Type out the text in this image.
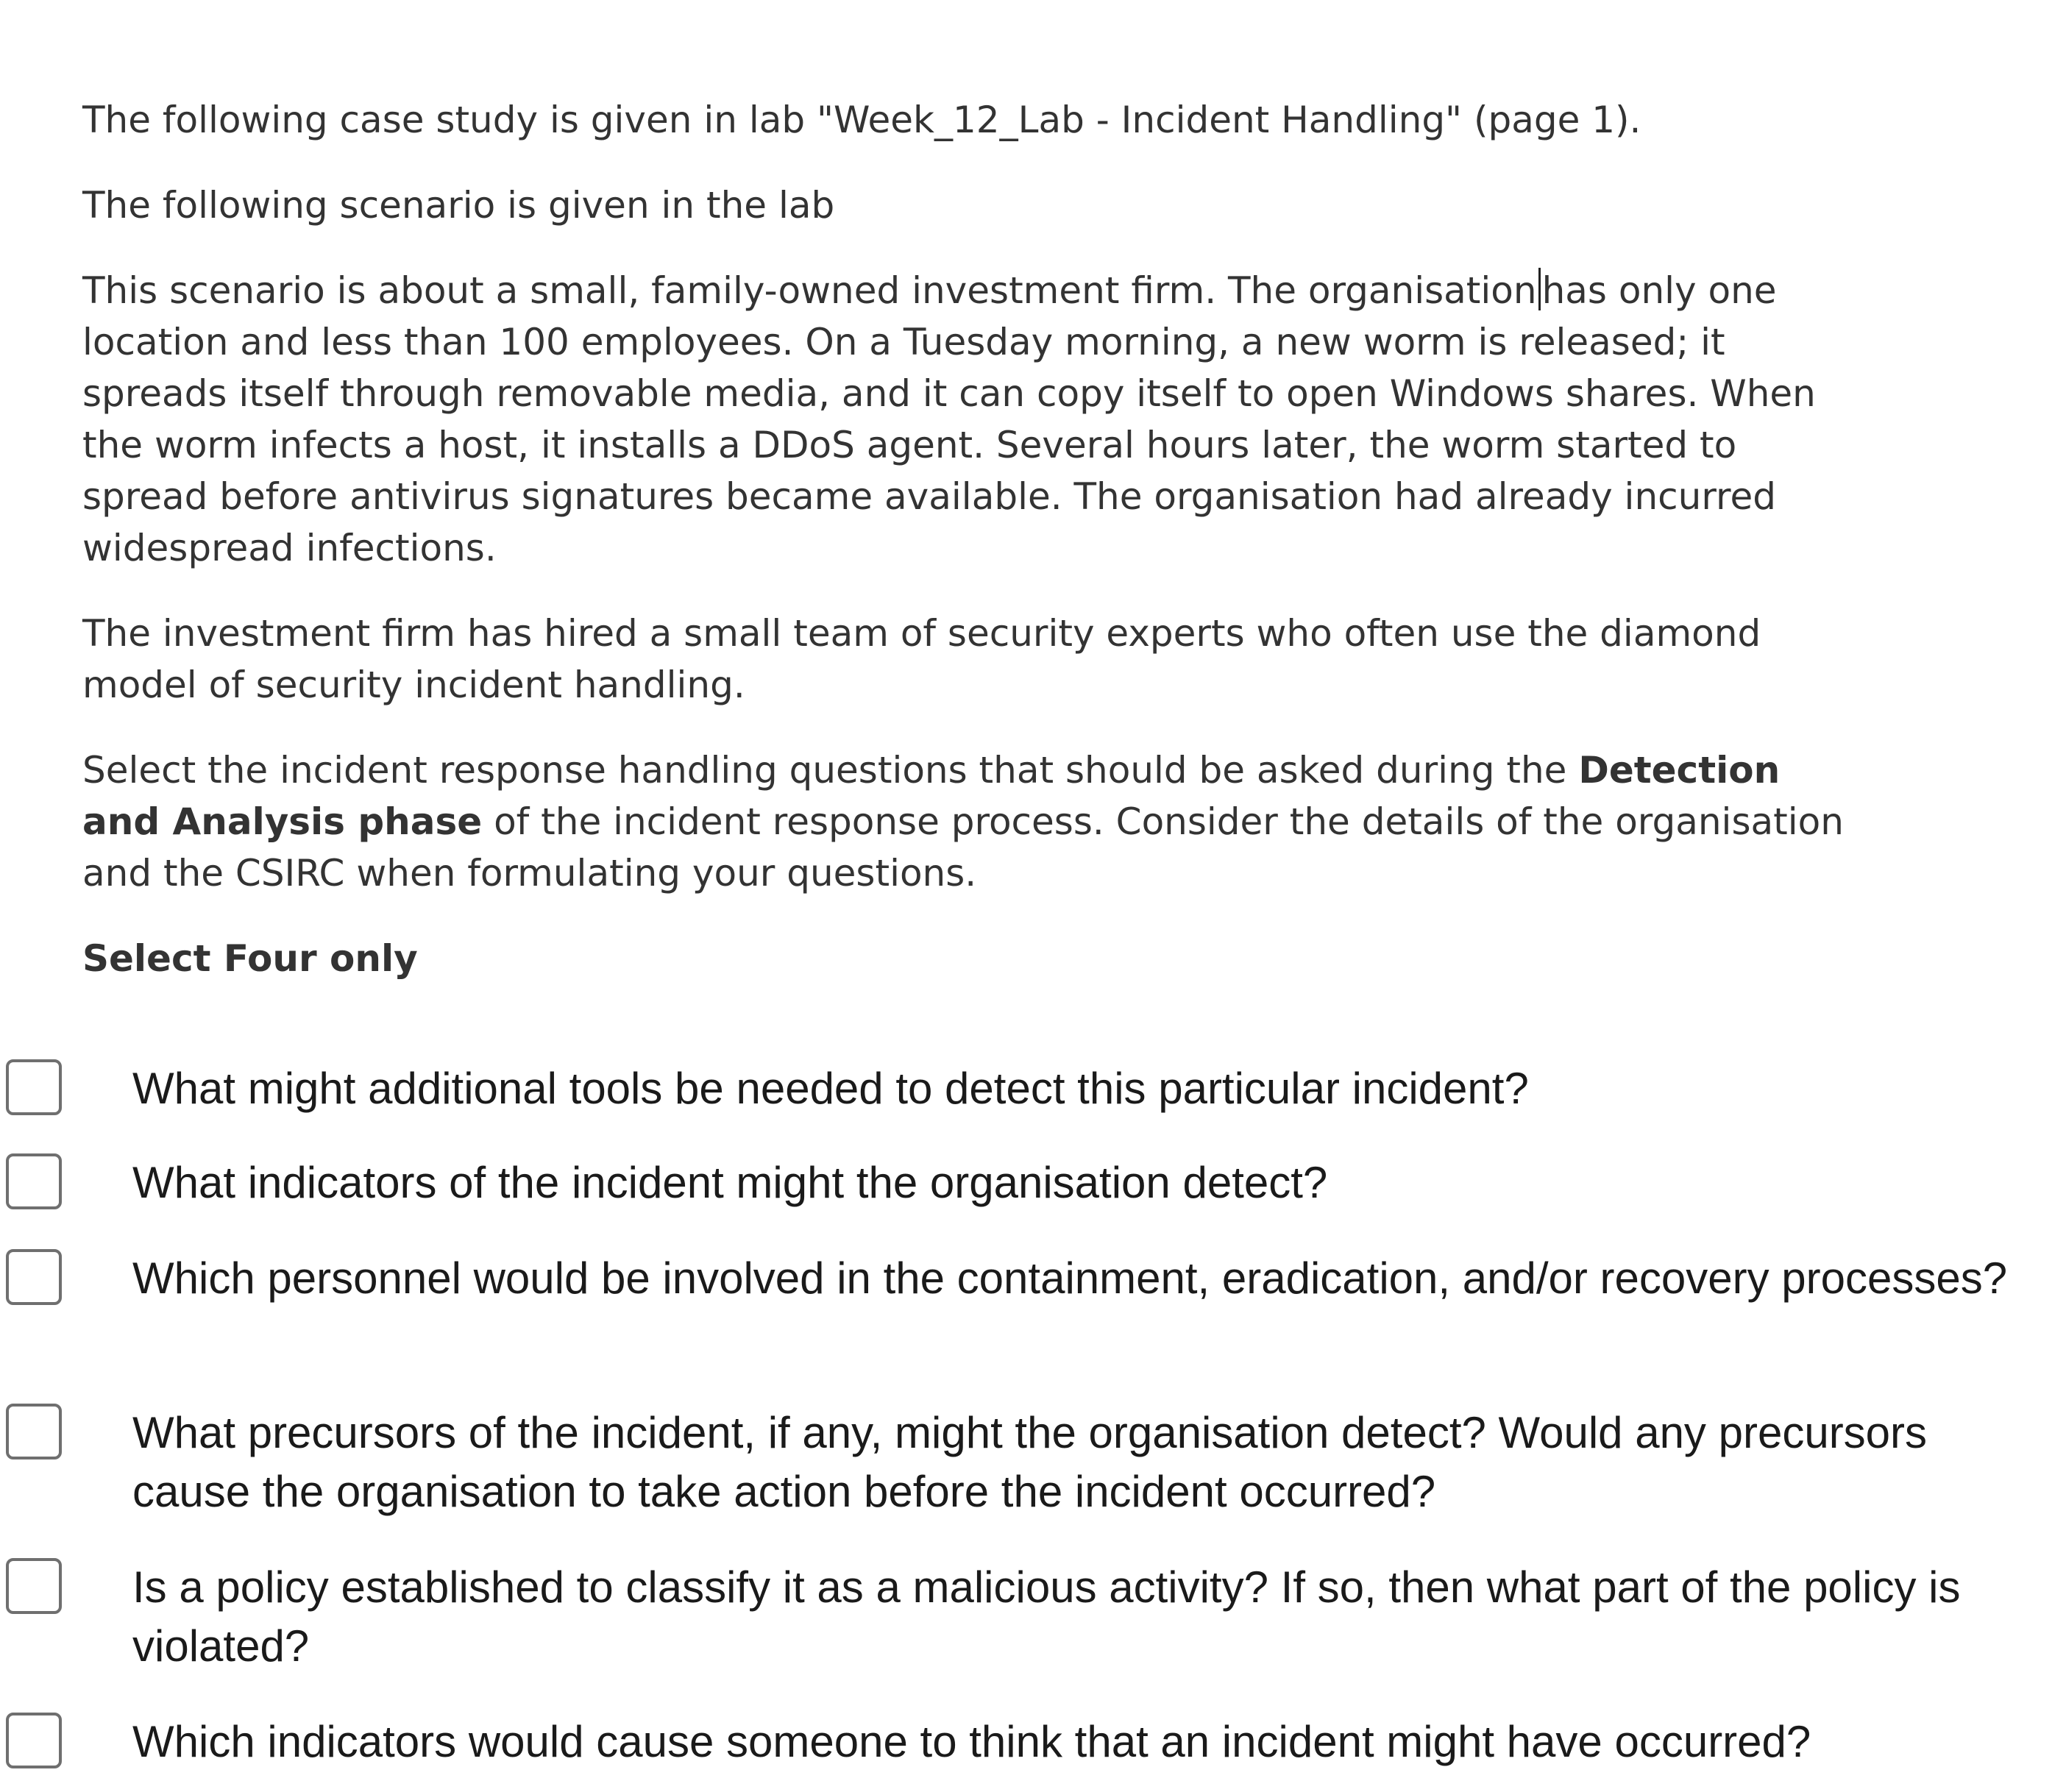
The following case study is given in lab "Week_12_Lab - Incident Handling" (page 1).

The following scenario is given in the lab

This scenario is about a small, family-owned investment firm. The organisation has only one location and less than 100 employees. On a Tuesday morning, a new worm is released; it spreads itself through removable media, and it can copy itself to open Windows shares. When the worm infects a host, it installs a DDoS agent. Several hours later, the worm started to spread before antivirus signatures became available. The organisation had already incurred widespread infections.

The investment firm has hired a small team of security experts who often use the diamond model of security incident handling.

Select the incident response handling questions that should be asked during the Detection and Analysis phase of the incident response process. Consider the details of the organisation and the CSIRC when formulating your questions.

Select Four only

What might additional tools be needed to detect this particular incident?
What indicators of the incident might the organisation detect?
Which personnel would be involved in the containment, eradication, and/or recovery processes?
What precursors of the incident, if any, might the organisation detect? Would any precursors cause the organisation to take action before the incident occurred?
Is a policy established to classify it as a malicious activity? If so, then what part of the policy is violated?
Which indicators would cause someone to think that an incident might have occurred?
